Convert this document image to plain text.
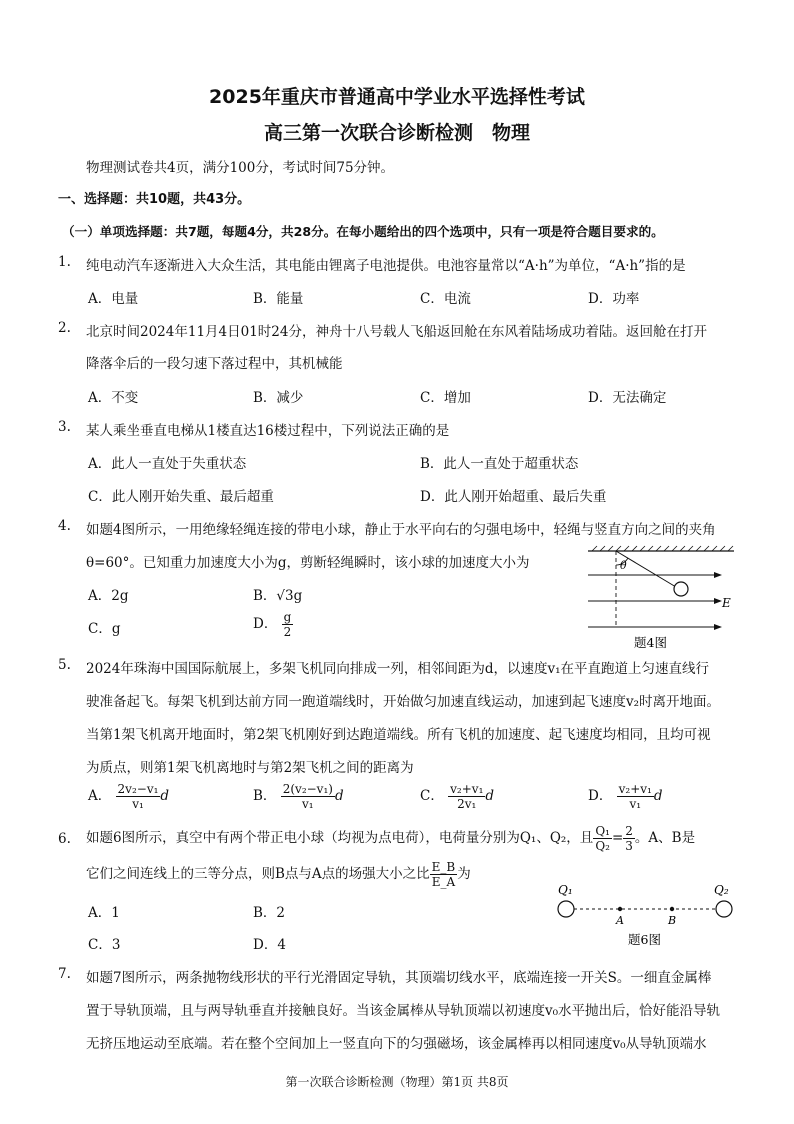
2025年重庆市普通高中学业水平选择性考试
高三第一次联合诊断检测　物理
物理测试卷共4页，满分100分，考试时间75分钟。
一、选择题：共10题，共43分。
（一）单项选择题：共7题，每题4分，共28分。在每小题给出的四个选项中，只有一项是符合题目要求的。
1. 纯电动汽车逐渐进入大众生活，其电能由锂离子电池提供。电池容量常以“A·h”为单位，“A·h”指的是
A．电量	B．能量	C．电流	D．功率
2. 北京时间2024年11月4日01时24分，神舟十八号载人飞船返回舱在东风着陆场成功着陆。返回舱在打开
降落伞后的一段匀速下落过程中，其机械能
A．不变	B．减少	C．增加	D．无法确定
3. 某人乘坐垂直电梯从1楼直达16楼过程中，下列说法正确的是
A．此人一直处于失重状态	B．此人一直处于超重状态
C．此人刚开始失重、最后超重	D．此人刚开始超重、最后失重
4. 如题4图所示，一用绝缘轻绳连接的带电小球，静止于水平向右的匀强电场中，轻绳与竖直方向之间的夹角
θ=60°。已知重力加速度大小为g，剪断轻绳瞬时，该小球的加速度大小为
A．2g	B．√3g
C．g	D． $\frac{g}{2}$
θ
E
题4图
5. 2024年珠海中国国际航展上，多架飞机同向排成一列，相邻间距为d，以速度v₁在平直跑道上匀速直线行
驶准备起飞。每架飞机到达前方同一跑道端线时，开始做匀加速直线运动，加速到起飞速度v₂时离开地面。
当第1架飞机离开地面时，第2架飞机刚好到达跑道端线。所有飞机的加速度、起飞速度均相同，且均可视
为质点，则第1架飞机离地时与第2架飞机之间的距离为
A． $\frac{\text{2v₂−v₁}}{\text{v₁}}$ d	B． $\frac{\text{2(v₂−v₁)}}{\text{v₁}}$ d	C． $\frac{\text{v₂+v₁}}{\text{2v₁}}$ d	D． $\frac{\text{v₂+v₁}}{\text{v₁}}$ d
6. 如题6图所示，真空中有两个带正电小球（均视为点电荷），电荷量分别为Q₁、Q₂，且 $\frac{\text{Q₁}}{\text{Q₂}} = \frac{2}{3}$ 。A、B是
它们之间连线上的三等分点，则B点与A点的场强大小之比 $\frac{E\_B}{E\_A}$ 为
A．1	B．2
C．3	D．4
Q₁	Q₂
A	B
题6图
7. 如题7图所示，两条抛物线形状的平行光滑固定导轨，其顶端切线水平，底端连接一开关S。一细直金属棒
置于导轨顶端，且与两导轨垂直并接触良好。当该金属棒从导轨顶端以初速度v₀水平抛出后，恰好能沿导轨
无挤压地运动至底端。若在整个空间加上一竖直向下的匀强磁场，该金属棒再以相同速度v₀从导轨顶端水
第一次联合诊断检测（物理）第1页 共8页
